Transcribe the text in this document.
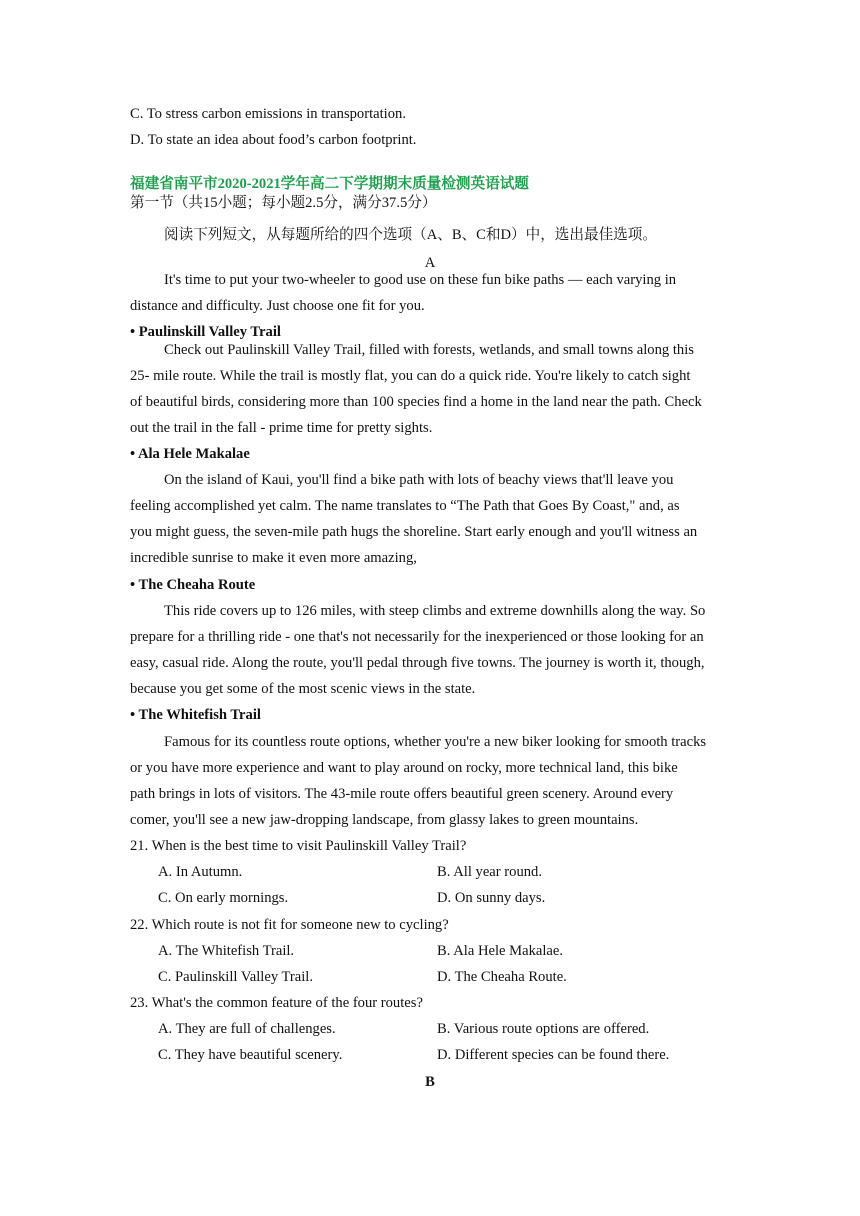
C. To stress carbon emissions in transportation.
D. To state an idea about food’s carbon footprint.
福建省南平市2020-2021学年高二下学期期末质量检测英语试题
第一节（共15小题；每小题2.5分，满分37.5分）
阅读下列短文，从每题所给的四个选项（A、B、C和D）中，选出最佳选项。
A
It's time to put your two-wheeler to good use on these fun bike paths — each varying in
distance and difficulty. Just choose one fit for you.
• Paulinskill Valley Trail
Check out Paulinskill Valley Trail, filled with forests, wetlands, and small towns along this
25- mile route. While the trail is mostly flat, you can do a quick ride. You're likely to catch sight
of beautiful birds, considering more than 100 species find a home in the land near the path. Check
out the trail in the fall - prime time for pretty sights.
• Ala Hele Makalae
On the island of Kaui, you'll find a bike path with lots of beachy views that'll leave you
feeling accomplished yet calm. The name translates to “The Path that Goes By Coast," and, as
you might guess, the seven-mile path hugs the shoreline. Start early enough and you'll witness an
incredible sunrise to make it even more amazing,
• The Cheaha Route
This ride covers up to 126 miles, with steep climbs and extreme downhills along the way. So
prepare for a thrilling ride - one that's not necessarily for the inexperienced or those looking for an
easy, casual ride. Along the route, you'll pedal through five towns. The journey is worth it, though,
because you get some of the most scenic views in the state.
• The Whitefish Trail
Famous for its countless route options, whether you're a new biker looking for smooth tracks
or you have more experience and want to play around on rocky, more technical land, this bike
path brings in lots of visitors. The 43-mile route offers beautiful green scenery. Around every
comer, you'll see a new jaw-dropping landscape, from glassy lakes to green mountains.
21. When is the best time to visit Paulinskill Valley Trail?
A. In Autumn.	B. All year round.
C. On early mornings.	D. On sunny days.
22. Which route is not fit for someone new to cycling?
A. The Whitefish Trail.	B. Ala Hele Makalae.
C. Paulinskill Valley Trail.	D. The Cheaha Route.
23. What's the common feature of the four routes?
A. They are full of challenges.	B. Various route options are offered.
C. They have beautiful scenery.	D. Different species can be found there.
B
